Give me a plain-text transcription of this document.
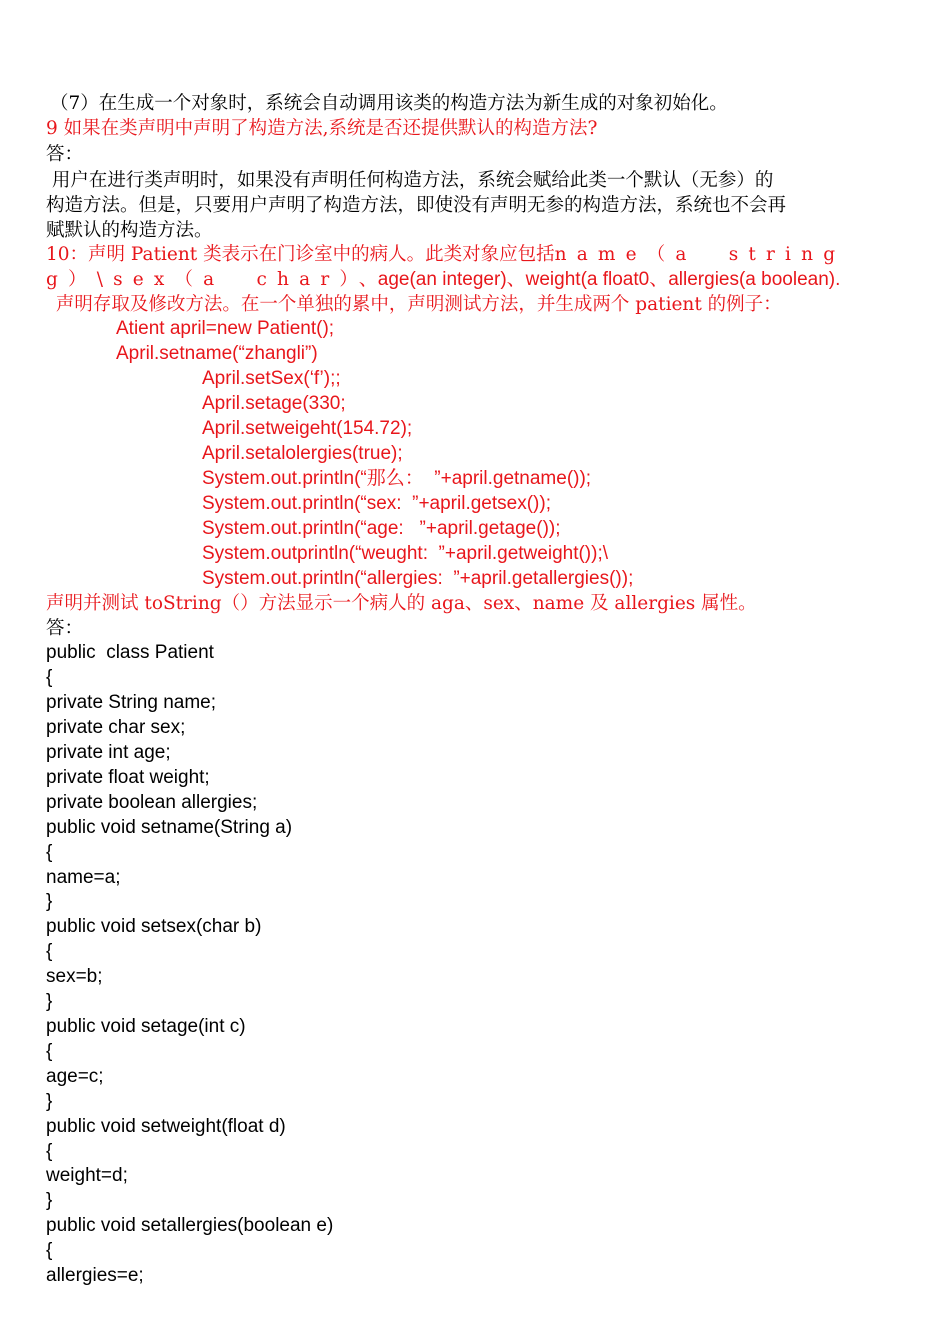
（7）在生成一个对象时，系统会自动调用该类的构造方法为新生成的对象初始化。
9 如果在类声明中声明了构造方法,系统是否还提供默认的构造方法?
答：
用户在进行类声明时，如果没有声明任何构造方法，系统会赋给此类一个默认（无参）的
构造方法。但是，只要用户声明了构造方法，即使没有声明无参的构造方法，系统也不会再
赋默认的构造方法。
10：声明 Patient 类表示在门诊室中的病人。此类对象应包括name（a  string
g）\sex（a  char）、age(an integer)、weight(a float0、allergies(a boolean).
声明存取及修改方法。在一个单独的累中，声明测试方法，并生成两个 patient 的例子：
Atient april=new Patient();
April.setname(“zhangli”)
April.setSex(‘f’);;
April.setage(330;
April.setweigeht(154.72);
April.setalolergies(true);
System.out.println(“那么：  ”+april.getname());
System.out.println(“sex:  ”+april.getsex());
System.out.println(“age:   ”+april.getage());
System.outprintln(“weught:  ”+april.getweight());\
System.out.println(“allergies:  ”+april.getallergies());
声明并测试 toString（）方法显示一个病人的 aga、sex、name 及 allergies 属性。
答：
public  class Patient
{
private String name;
private char sex;
private int age;
private float weight;
private boolean allergies;
public void setname(String a)
{
name=a;
}
public void setsex(char b)
{
sex=b;
}
public void setage(int c)
{
age=c;
}
public void setweight(float d)
{
weight=d;
}
public void setallergies(boolean e)
{
allergies=e;
